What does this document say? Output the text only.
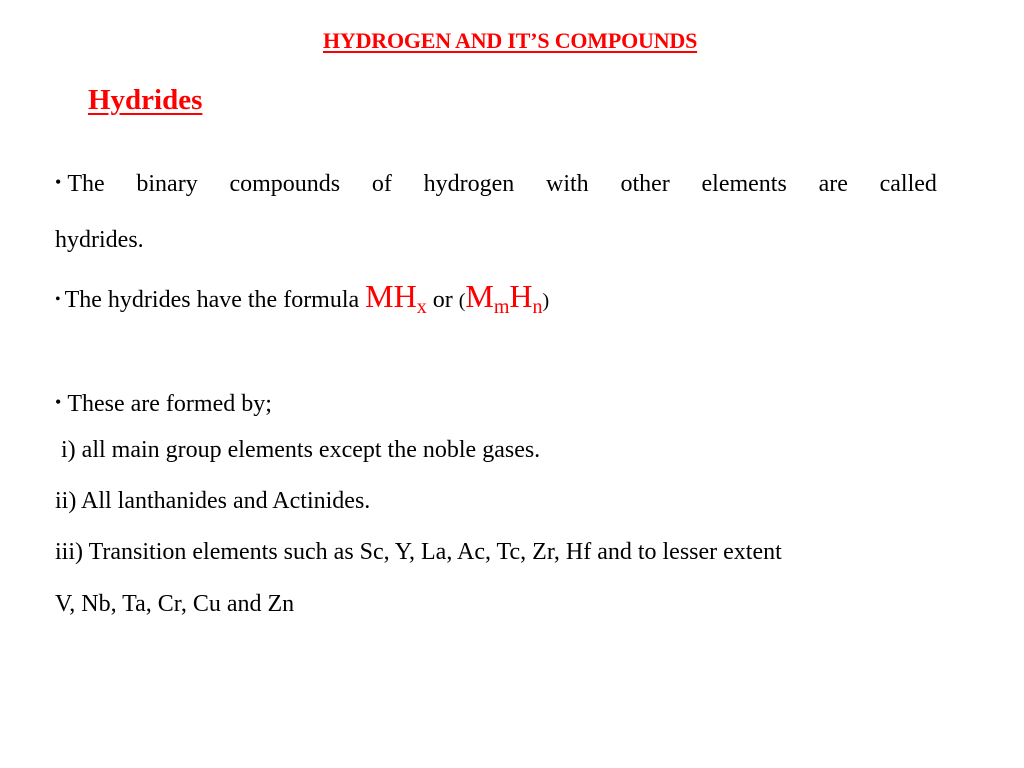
HYDROGEN AND IT’S COMPOUNDS
Hydrides
• The binary compounds of hydrogen with other elements are called
hydrides.
• The hydrides have the formula $MH_x$ or $(M_mH_n)$
• These are formed by;
i) all main group elements except the noble gases.
ii) All lanthanides and Actinides.
iii) Transition elements such as Sc, Y, La, Ac, Tc, Zr, Hf and to lesser extent
V, Nb, Ta, Cr, Cu and Zn
